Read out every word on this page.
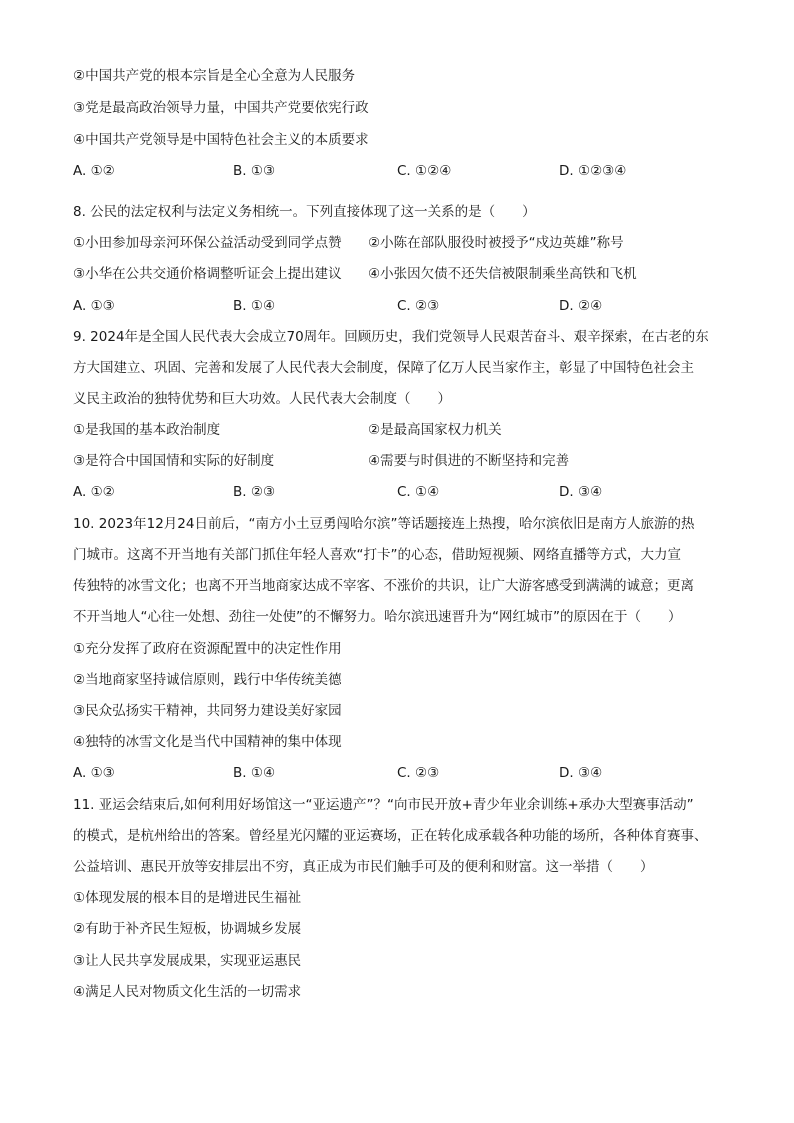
②中国共产党的根本宗旨是全心全意为人民服务
③党是最高政治领导力量，中国共产党要依宪行政
④中国共产党领导是中国特色社会主义的本质要求
A. ①②	B. ①③	C. ①②④	D. ①②③④
8. 公民的法定权利与法定义务相统一。下列直接体现了这一关系的是（　　）
①小田参加母亲河环保公益活动受到同学点赞 ②小陈在部队服役时被授予“戍边英雄”称号
③小华在公共交通价格调整听证会上提出建议 ④小张因欠债不还失信被限制乘坐高铁和飞机
A. ①③	B. ①④	C. ②③	D. ②④
9. 2024年是全国人民代表大会成立70周年。回顾历史，我们党领导人民艰苦奋斗、艰辛探索，在古老的东
方大国建立、巩固、完善和发展了人民代表大会制度，保障了亿万人民当家作主，彰显了中国特色社会主
义民主政治的独特优势和巨大功效。人民代表大会制度（　　）
①是我国的基本政治制度	②是最高国家权力机关
③是符合中国国情和实际的好制度	④需要与时俱进的不断坚持和完善
A. ①②	B. ②③	C. ①④	D. ③④
10. 2023年12月24日前后，“南方小土豆勇闯哈尔滨”等话题接连上热搜，哈尔滨依旧是南方人旅游的热
门城市。这离不开当地有关部门抓住年轻人喜欢“打卡”的心态，借助短视频、网络直播等方式，大力宣
传独特的冰雪文化；也离不开当地商家达成不宰客、不涨价的共识，让广大游客感受到满满的诚意；更离
不开当地人“心往一处想、劲往一处使”的不懈努力。哈尔滨迅速晋升为“网红城市”的原因在于（　　）
①充分发挥了政府在资源配置中的决定性作用
②当地商家坚持诚信原则，践行中华传统美德
③民众弘扬实干精神，共同努力建设美好家园
④独特的冰雪文化是当代中国精神的集中体现
A. ①③	B. ①④	C. ②③	D. ③④
11. 亚运会结束后,如何利用好场馆这一“亚运遗产”？“向市民开放+青少年业余训练+承办大型赛事活动”
的模式，是杭州给出的答案。曾经星光闪耀的亚运赛场，正在转化成承载各种功能的场所，各种体育赛事、
公益培训、惠民开放等安排层出不穷，真正成为市民们触手可及的便利和财富。这一举措（　　）
①体现发展的根本目的是增进民生福祉
②有助于补齐民生短板，协调城乡发展
③让人民共享发展成果，实现亚运惠民
④满足人民对物质文化生活的一切需求
